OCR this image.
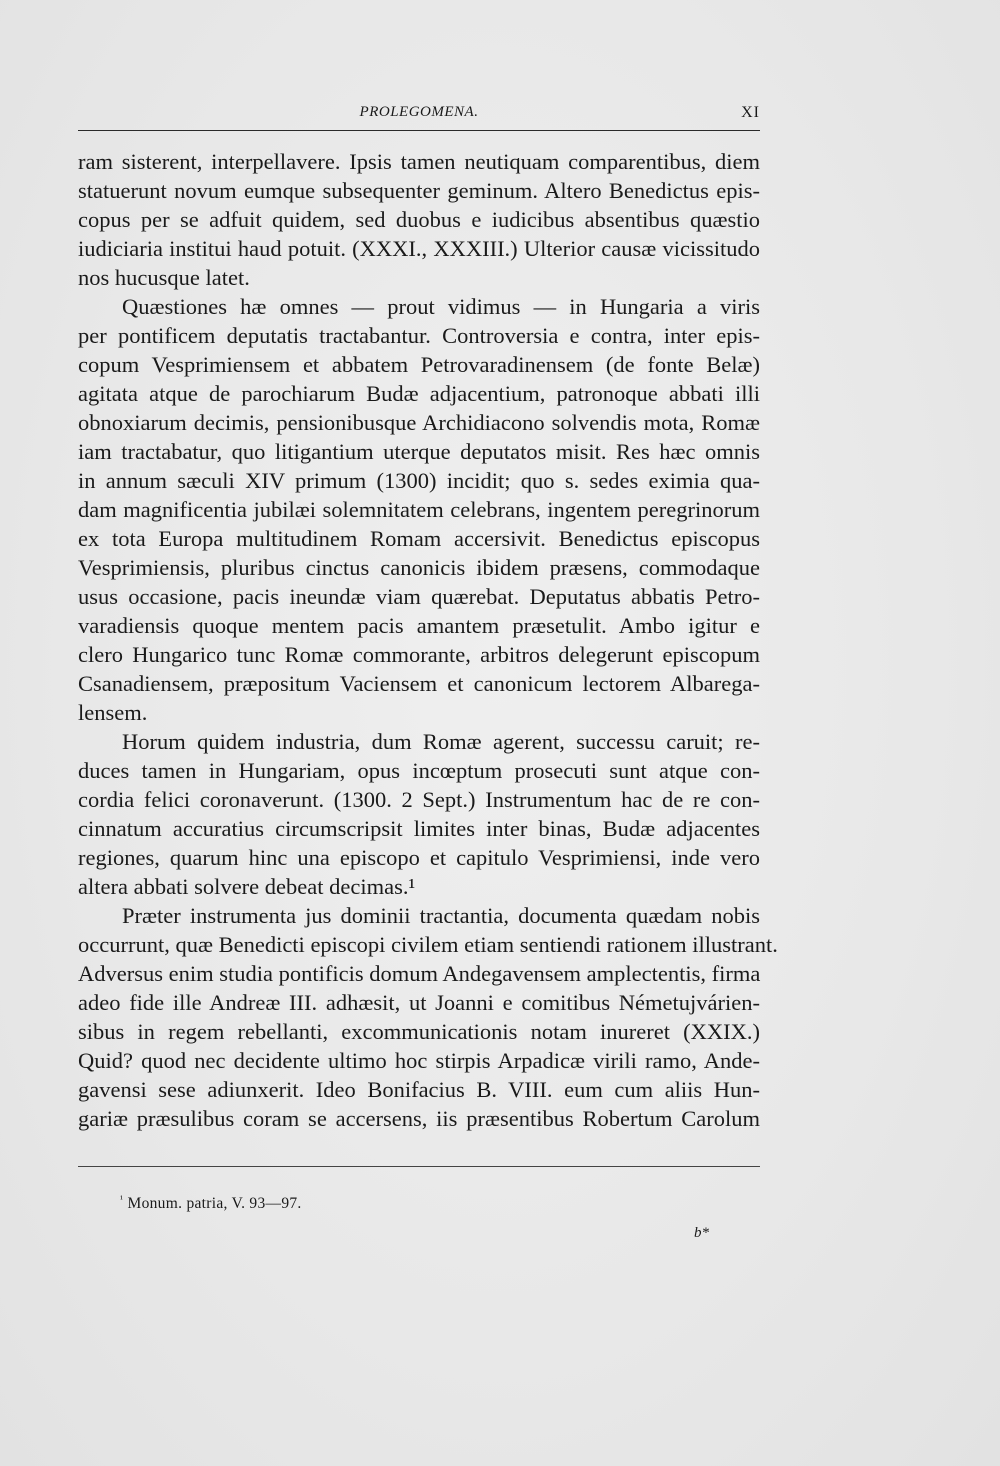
PROLEGOMENA.	XI
ram sisterent, interpellavere. Ipsis tamen neutiquam comparentibus, diem
statuerunt novum eumque subsequenter geminum. Altero Benedictus epis-
copus per se adfuit quidem, sed duobus e iudicibus absentibus quæstio
iudiciaria institui haud potuit. (XXXI., XXXIII.) Ulterior causæ vicissitudo
nos hucusque latet.
Quæstiones hæ omnes — prout vidimus — in Hungaria a viris
per pontificem deputatis tractabantur. Controversia e contra, inter epis-
copum Vesprimiensem et abbatem Petrovaradinensem (de fonte Belæ)
agitata atque de parochiarum Budæ adjacentium, patronoque abbati illi
obnoxiarum decimis, pensionibusque Archidiacono solvendis mota, Romæ
iam tractabatur, quo litigantium uterque deputatos misit. Res hæc omnis
in annum sæculi XIV primum (1300) incidit; quo s. sedes eximia qua-
dam magnificentia jubilæi solemnitatem celebrans, ingentem peregrinorum
ex tota Europa multitudinem Romam accersivit. Benedictus episcopus
Vesprimiensis, pluribus cinctus canonicis ibidem præsens, commodaque
usus occasione, pacis ineundæ viam quærebat. Deputatus abbatis Petro-
varadiensis quoque mentem pacis amantem præsetulit. Ambo igitur e
clero Hungarico tunc Romæ commorante, arbitros delegerunt episcopum
Csanadiensem, præpositum Vaciensem et canonicum lectorem Albarega-
lensem.
Horum quidem industria, dum Romæ agerent, successu caruit; re-
duces tamen in Hungariam, opus incœptum prosecuti sunt atque con-
cordia felici coronaverunt. (1300. 2 Sept.) Instrumentum hac de re con-
cinnatum accuratius circumscripsit limites inter binas, Budæ adjacentes
regiones, quarum hinc una episcopo et capitulo Vesprimiensi, inde vero
altera abbati solvere debeat decimas.¹
Præter instrumenta jus dominii tractantia, documenta quædam nobis
occurrunt, quæ Benedicti episcopi civilem etiam sentiendi rationem illustrant.
Adversus enim studia pontificis domum Andegavensem amplectentis, firma
adeo fide ille Andreæ III. adhæsit, ut Joanni e comitibus Németujvárien-
sibus in regem rebellanti, excommunicationis notam inureret (XXIX.)
Quid? quod nec decidente ultimo hoc stirpis Arpadicæ virili ramo, Ande-
gavensi sese adiunxerit. Ideo Bonifacius B. VIII. eum cum aliis Hun-
gariæ præsulibus coram se accersens, iis præsentibus Robertum Carolum
$^{^1}$ Monum. patria, V. 93—97.
b*
